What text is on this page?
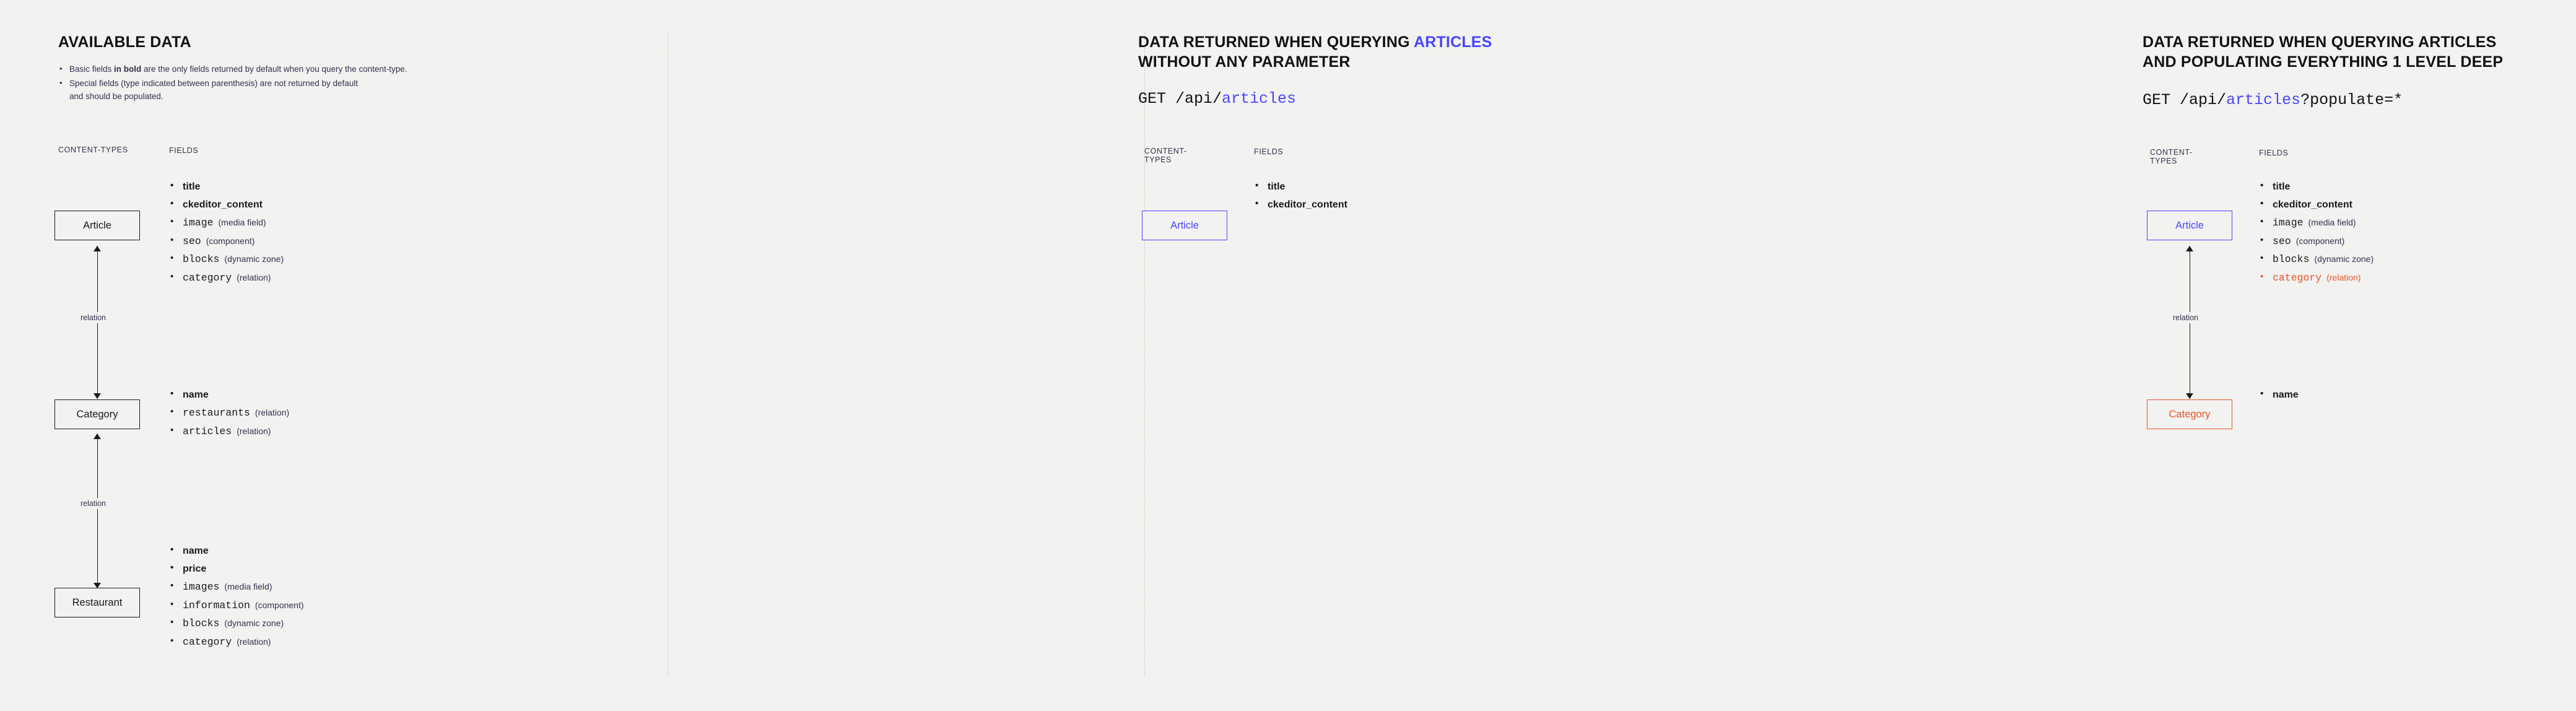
AVAILABLE DATA
• Basic fields in bold are the only fields returned by default when you query the content-type.
• Special fields (type indicated between parenthesis) are not returned by default
and should be populated.
CONTENT-TYPES	FIELDS
Article
Category
Restaurant
relation
relation
• title
• ckeditor_content
• image (media field)
• seo (component)
• blocks (dynamic zone)
• category (relation)
• name
• restaurants (relation)
• articles (relation)
• name
• price
• images (media field)
• information (component)
• blocks (dynamic zone)
• category (relation)
DATA RETURNED WHEN QUERYING ARTICLES
WITHOUT ANY PARAMETER
GET /api/articles
CONTENT-TYPES
FIELDS
Article
• title
• ckeditor_content
DATA RETURNED WHEN QUERYING ARTICLES
AND POPULATING EVERYTHING 1 LEVEL DEEP
GET /api/articles?populate=*
CONTENT-TYPES
FIELDS
Article
Category
relation
• title
• ckeditor_content
• image (media field)
• seo (component)
• blocks (dynamic zone)
• category (relation)
• name
